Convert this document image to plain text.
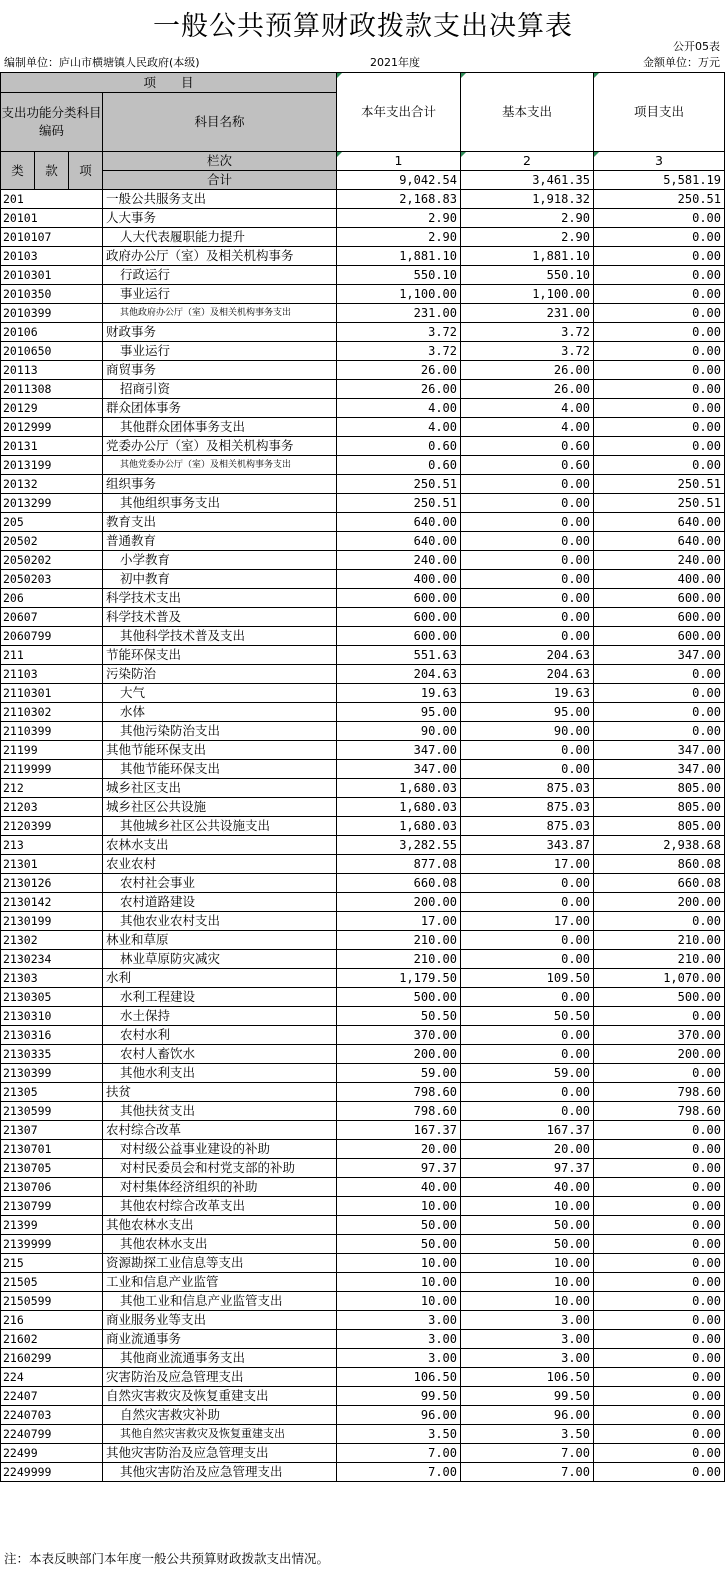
一般公共预算财政拨款支出决算表
公开05表
编制单位：庐山市横塘镇人民政府(本级)	2021年度	金额单位：万元
项　　目				本年支出合计	基本支出	项目支出
支出功能分类科目编码			科目名称			
类	款	项	栏次	1	2	3
			合计	9,042.54	3,461.35	5,581.19
201			一般公共服务支出	2,168.83	1,918.32	250.51
20101			人大事务	2.90	2.90	0.00
2010107			人大代表履职能力提升	2.90	2.90	0.00
20103			政府办公厅（室）及相关机构事务	1,881.10	1,881.10	0.00
2010301			行政运行	550.10	550.10	0.00
2010350			事业运行	1,100.00	1,100.00	0.00
2010399			其他政府办公厅（室）及相关机构事务支出	231.00	231.00	0.00
20106			财政事务	3.72	3.72	0.00
2010650			事业运行	3.72	3.72	0.00
20113			商贸事务	26.00	26.00	0.00
2011308			招商引资	26.00	26.00	0.00
20129			群众团体事务	4.00	4.00	0.00
2012999			其他群众团体事务支出	4.00	4.00	0.00
20131			党委办公厅（室）及相关机构事务	0.60	0.60	0.00
2013199			其他党委办公厅（室）及相关机构事务支出	0.60	0.60	0.00
20132			组织事务	250.51	0.00	250.51
2013299			其他组织事务支出	250.51	0.00	250.51
205			教育支出	640.00	0.00	640.00
20502			普通教育	640.00	0.00	640.00
2050202			小学教育	240.00	0.00	240.00
2050203			初中教育	400.00	0.00	400.00
206			科学技术支出	600.00	0.00	600.00
20607			科学技术普及	600.00	0.00	600.00
2060799			其他科学技术普及支出	600.00	0.00	600.00
211			节能环保支出	551.63	204.63	347.00
21103			污染防治	204.63	204.63	0.00
2110301			大气	19.63	19.63	0.00
2110302			水体	95.00	95.00	0.00
2110399			其他污染防治支出	90.00	90.00	0.00
21199			其他节能环保支出	347.00	0.00	347.00
2119999			其他节能环保支出	347.00	0.00	347.00
212			城乡社区支出	1,680.03	875.03	805.00
21203			城乡社区公共设施	1,680.03	875.03	805.00
2120399			其他城乡社区公共设施支出	1,680.03	875.03	805.00
213			农林水支出	3,282.55	343.87	2,938.68
21301			农业农村	877.08	17.00	860.08
2130126			农村社会事业	660.08	0.00	660.08
2130142			农村道路建设	200.00	0.00	200.00
2130199			其他农业农村支出	17.00	17.00	0.00
21302			林业和草原	210.00	0.00	210.00
2130234			林业草原防灾减灾	210.00	0.00	210.00
21303			水利	1,179.50	109.50	1,070.00
2130305			水利工程建设	500.00	0.00	500.00
2130310			水土保持	50.50	50.50	0.00
2130316			农村水利	370.00	0.00	370.00
2130335			农村人畜饮水	200.00	0.00	200.00
2130399			其他水利支出	59.00	59.00	0.00
21305			扶贫	798.60	0.00	798.60
2130599			其他扶贫支出	798.60	0.00	798.60
21307			农村综合改革	167.37	167.37	0.00
2130701			对村级公益事业建设的补助	20.00	20.00	0.00
2130705			对村民委员会和村党支部的补助	97.37	97.37	0.00
2130706			对村集体经济组织的补助	40.00	40.00	0.00
2130799			其他农村综合改革支出	10.00	10.00	0.00
21399			其他农林水支出	50.00	50.00	0.00
2139999			其他农林水支出	50.00	50.00	0.00
215			资源勘探工业信息等支出	10.00	10.00	0.00
21505			工业和信息产业监管	10.00	10.00	0.00
2150599			其他工业和信息产业监管支出	10.00	10.00	0.00
216			商业服务业等支出	3.00	3.00	0.00
21602			商业流通事务	3.00	3.00	0.00
2160299			其他商业流通事务支出	3.00	3.00	0.00
224			灾害防治及应急管理支出	106.50	106.50	0.00
22407			自然灾害救灾及恢复重建支出	99.50	99.50	0.00
2240703			自然灾害救灾补助	96.00	96.00	0.00
2240799			其他自然灾害救灾及恢复重建支出	3.50	3.50	0.00
22499			其他灾害防治及应急管理支出	7.00	7.00	0.00
2249999			其他灾害防治及应急管理支出	7.00	7.00	0.00
注：本表反映部门本年度一般公共预算财政拨款支出情况。
